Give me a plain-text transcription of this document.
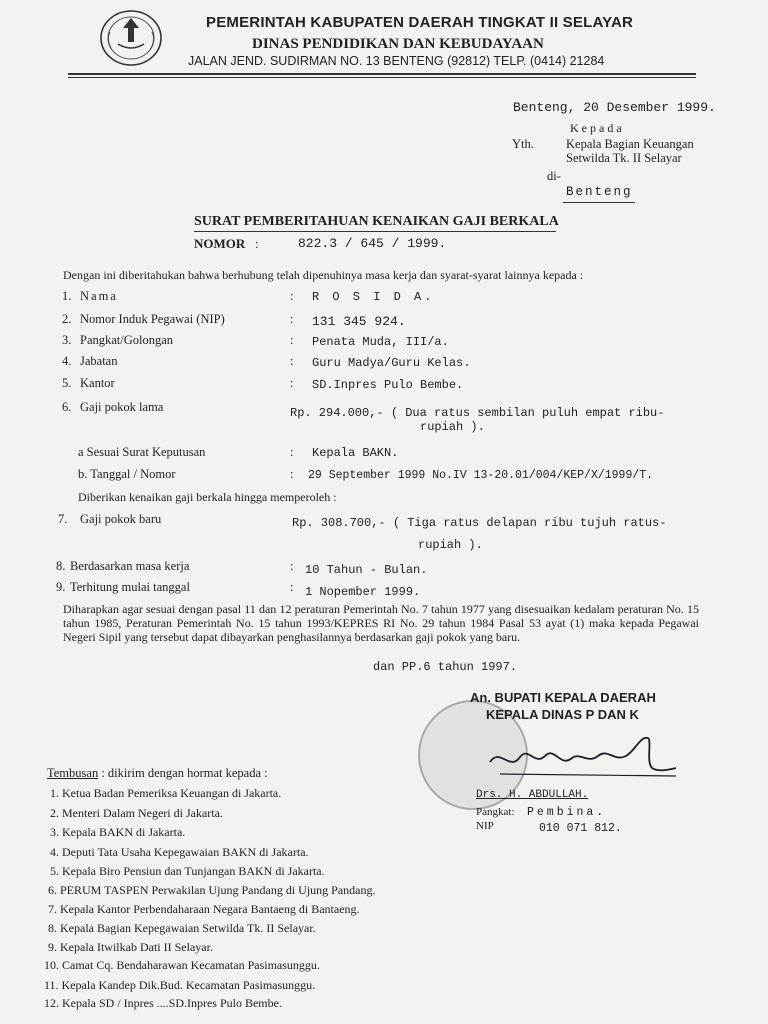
PEMERINTAH KABUPATEN DAERAH TINGKAT II SELAYAR
DINAS PENDIDIKAN DAN KEBUDAYAAN
JALAN JEND. SUDIRMAN NO. 13 BENTENG (92812) TELP. (0414) 21284
Benteng, 20 Desember 1999.
Kepada
Yth.	Kepala Bagian Keuangan
Setwilda Tk. II Selayar
di-
Benteng
SURAT PEMBERITAHUAN KENAIKAN GAJI BERKALA
NOMOR :	822.3 / 645 / 1999.
Dengan ini diberitahukan bahwa berhubung telah dipenuhinya masa kerja dan syarat-syarat lainnya kepada :
1. Nama	: R O S I D A.
2. Nomor Induk Pegawai (NIP)	: 131 345 924.
3. Pangkat/Golongan	: Penata Muda, III/a.
4. Jabatan	: Guru Madya/Guru Kelas.
5. Kantor	: SD.Inpres Pulo Bembe.
6. Gaji pokok lama	Rp. 294.000,- ( Dua ratus sembilan puluh empat ribu-
rupiah ).
a Sesuai Surat Keputusan	: Kepala BAKN.
b. Tanggal / Nomor	: 29 September 1999 No.IV 13-20.01/004/KEP/X/1999/T.
Diberikan kenaikan gaji berkala hingga memperoleh :
7. Gaji pokok baru	Rp. 308.700,- ( Tiga ratus delapan ribu tujuh ratus-
rupiah ).
8. Berdasarkan masa kerja	: 10 Tahun - Bulan.
9. Terhitung mulai tanggal	: 1 Nopember 1999.
Diharapkan agar sesuai dengan pasal 11 dan 12 peraturan Pemerintah No. 7 tahun 1977 yang disesuaikan kedalam peraturan No. 15 tahun 1985, Peraturan Pemerintah No. 15 tahun 1993/KEPRES RI No. 29 tahun 1984 Pasal 53 ayat (1) maka kepada Pegawai Negeri Sipil yang tersebut dapat dibayarkan penghasilannya berdasarkan gaji pokok yang baru.
dan PP.6 tahun 1997.
An. BUPATI KEPALA DAERAH
KEPALA DINAS P DAN K
Drs. H. ABDULLAH.
Pangkat: Pembina.
NIP	010 071 812.
Tembusan : dikirim dengan hormat kepada :
1. Ketua Badan Pemeriksa Keuangan di Jakarta.
2. Menteri Dalam Negeri di Jakarta.
3. Kepala BAKN di Jakarta.
4. Deputi Tata Usaha Kepegawaian BAKN di Jakarta.
5. Kepala Biro Pensiun dan Tunjangan BAKN di Jakarta.
6. PERUM TASPEN Perwakilan Ujung Pandang di Ujung Pandang.
7. Kepala Kantor Perbendaharaan Negara Bantaeng di Bantaeng.
8. Kepala Bagian Kepegawaian Setwilda Tk. II Selayar.
9. Kepala Itwilkab Dati II Selayar.
10. Camat Cq. Bendaharawan Kecamatan Pasimasunggu.
11. Kepala Kandep Dik.Bud. Kecamatan Pasimasunggu.
12. Kepala SD / Inpres ....SD.Inpres Pulo Bembe.
